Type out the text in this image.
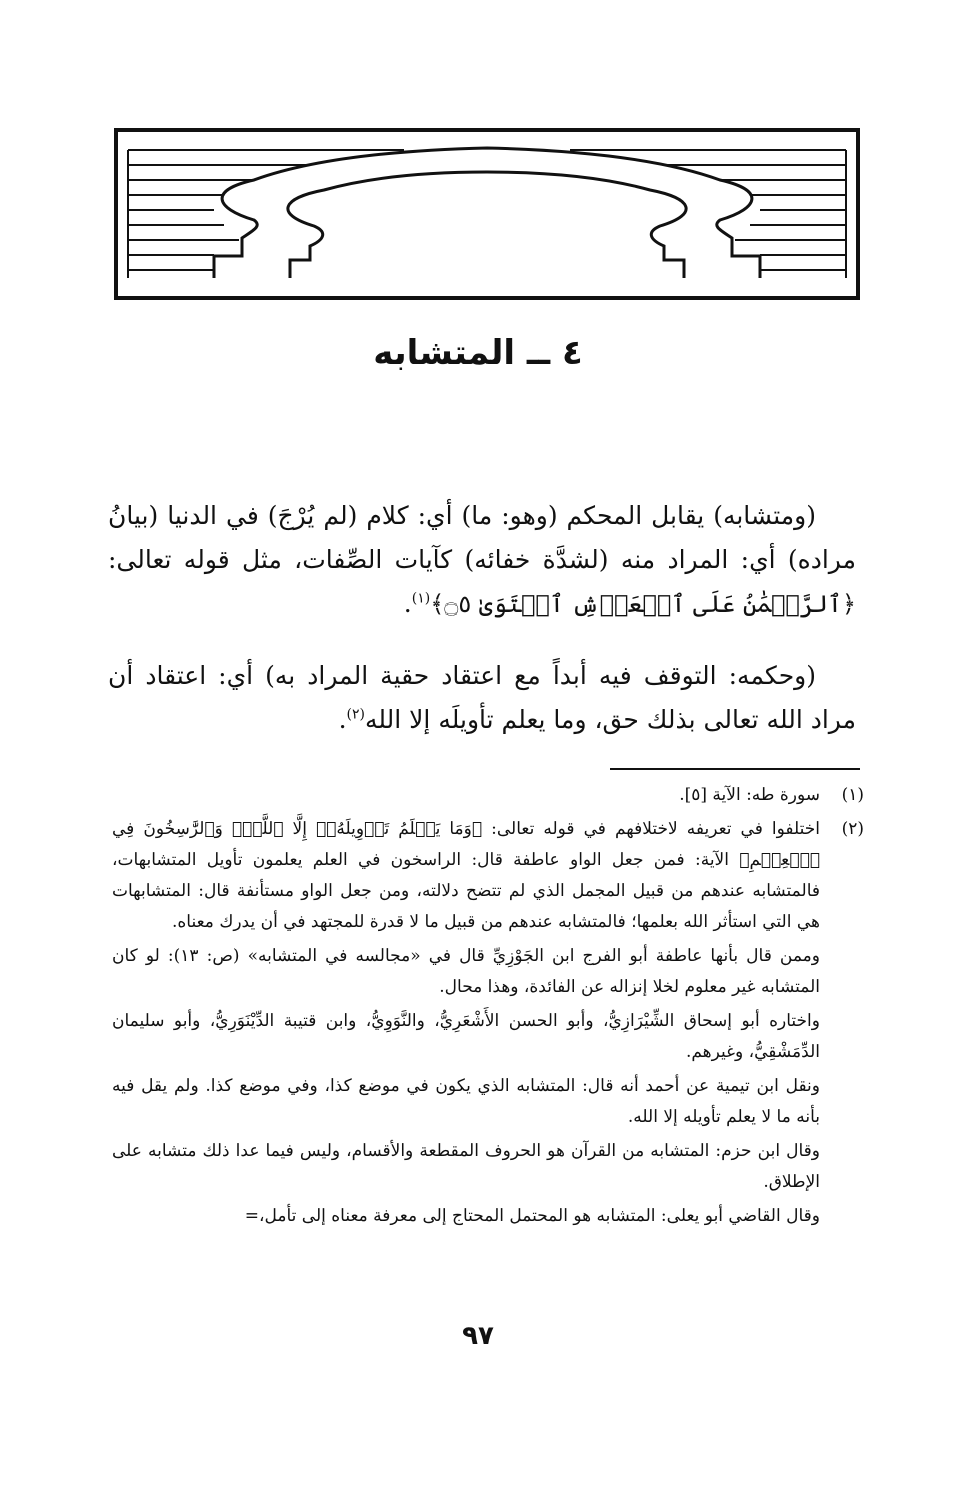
٤ ــ المتشابه

(ومتشابه) يقابل المحكم (وهو: ما) أي: كلام (لم يُرْجَ) في الدنيا (بيانُ مراده) أي: المراد منه (لشدَّة خفائه) كآيات الصِّفات، مثل قوله تعالى: ﴿ٱلرَّحۡمَٰنُ عَلَى ٱلۡعَرۡشِ ٱسۡتَوَىٰ ۝٥﴾$^{(١)}$.

(وحكمه: التوقف فيه أبداً مع اعتقاد حقية المراد به) أي: اعتقاد أن مراد الله تعالى بذلك حق، وما يعلم تأويلَه إلا الله$^{(٢)}$.

(١)
سورة طه: الآية [٥].

(٢)

اختلفوا في تعريفه لاختلافهم في قوله تعالى: ﴿وَمَا يَعۡلَمُ تَأۡوِيلَهُۥٓ إِلَّا ٱللَّهُۗ وَٱلرَّٰسِخُونَ فِي ٱلۡعِلۡمِ﴾ الآية: فمن جعل الواو عاطفة قال: الراسخون في العلم يعلمون تأويل المتشابهات، فالمتشابه عندهم من قبيل المجمل الذي لم تتضح دلالته، ومن جعل الواو مستأنفة قال: المتشابهات هي التي استأثر الله بعلمها؛ فالمتشابه عندهم من قبيل ما لا قدرة للمجتهد في أن يدرك معناه.

وممن قال بأنها عاطفة أبو الفرج ابن الجَوْزِيِّ قال في «مجالسه في المتشابه» (ص: ١٣): لو كان المتشابه غير معلوم لخلا إنزاله عن الفائدة، وهذا محال.

واختاره أبو إسحاق الشِّيْرَازِيُّ، وأبو الحسن الأَشْعَرِيُّ، والنَّوَوِيُّ، وابن قتيبة الدِّيْنَوَرِيُّ، وأبو سليمان الدِّمَشْقِيُّ، وغيرهم.

ونقل ابن تيمية عن أحمد أنه قال: المتشابه الذي يكون في موضع كذا، وفي موضع كذا. ولم يقل فيه بأنه ما لا يعلم تأويله إلا الله.

وقال ابن حزم: المتشابه من القرآن هو الحروف المقطعة والأقسام، وليس فيما عدا ذلك متشابه على الإطلاق.

وقال القاضي أبو يعلى: المتشابه هو المحتمل المحتاج إلى معرفة معناه إلى تأمل،=

٩٧
